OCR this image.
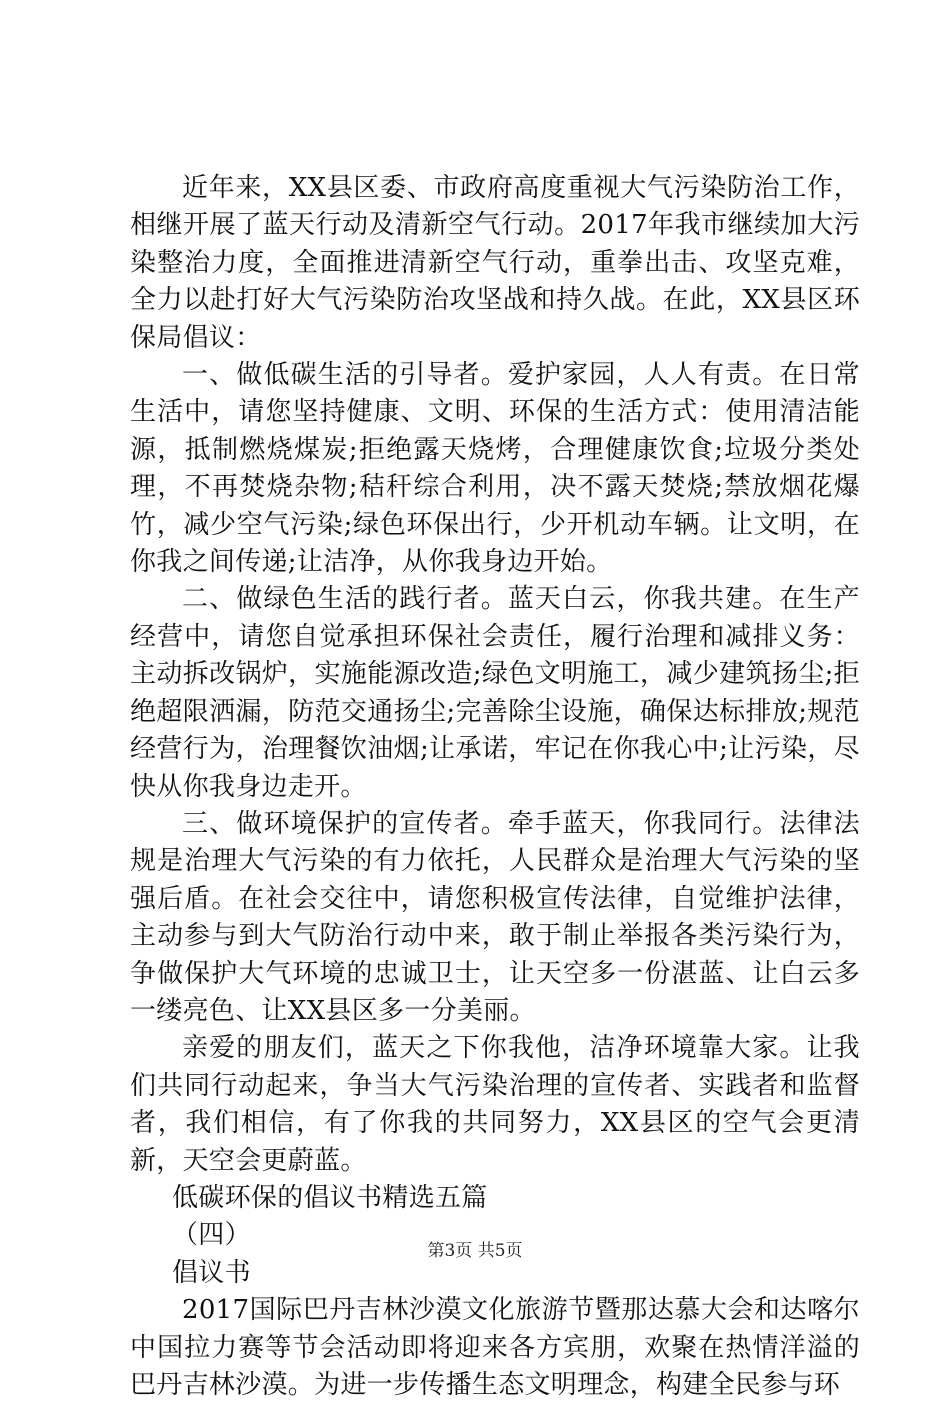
近年来，XX县区委、市政府高度重视大气污染防治工作，相继开展了蓝天行动及清新空气行动。2017年我市继续加大污染整治力度，全面推进清新空气行动，重拳出击、攻坚克难，全力以赴打好大气污染防治攻坚战和持久战。在此，XX县区环保局倡议：

一、做低碳生活的引导者。爱护家园，人人有责。在日常生活中，请您坚持健康、文明、环保的生活方式：使用清洁能源，抵制燃烧煤炭;拒绝露天烧烤，合理健康饮食;垃圾分类处理，不再焚烧杂物;秸秆综合利用，决不露天焚烧;禁放烟花爆竹，减少空气污染;绿色环保出行，少开机动车辆。让文明，在你我之间传递;让洁净，从你我身边开始。

二、做绿色生活的践行者。蓝天白云，你我共建。在生产经营中，请您自觉承担环保社会责任，履行治理和减排义务：主动拆改锅炉，实施能源改造;绿色文明施工，减少建筑扬尘;拒绝超限洒漏，防范交通扬尘;完善除尘设施，确保达标排放;规范经营行为，治理餐饮油烟;让承诺，牢记在你我心中;让污染，尽快从你我身边走开。

三、做环境保护的宣传者。牵手蓝天，你我同行。法律法规是治理大气污染的有力依托，人民群众是治理大气污染的坚强后盾。在社会交往中，请您积极宣传法律，自觉维护法律，主动参与到大气防治行动中来，敢于制止举报各类污染行为，争做保护大气环境的忠诚卫士，让天空多一份湛蓝、让白云多一缕亮色、让XX县区多一分美丽。

亲爱的朋友们，蓝天之下你我他，洁净环境靠大家。让我们共同行动起来，争当大气污染治理的宣传者、实践者和监督者，我们相信，有了你我的共同努力，XX县区的空气会更清新，天空会更蔚蓝。

低碳环保的倡议书精选五篇

（四）

倡议书

2017国际巴丹吉林沙漠文化旅游节暨那达慕大会和达喀尔中国拉力赛等节会活动即将迎来各方宾朋，欢聚在热情洋溢的巴丹吉林沙漠。为进一步传播生态文明理念，构建全民参与环

第3页 共5页
